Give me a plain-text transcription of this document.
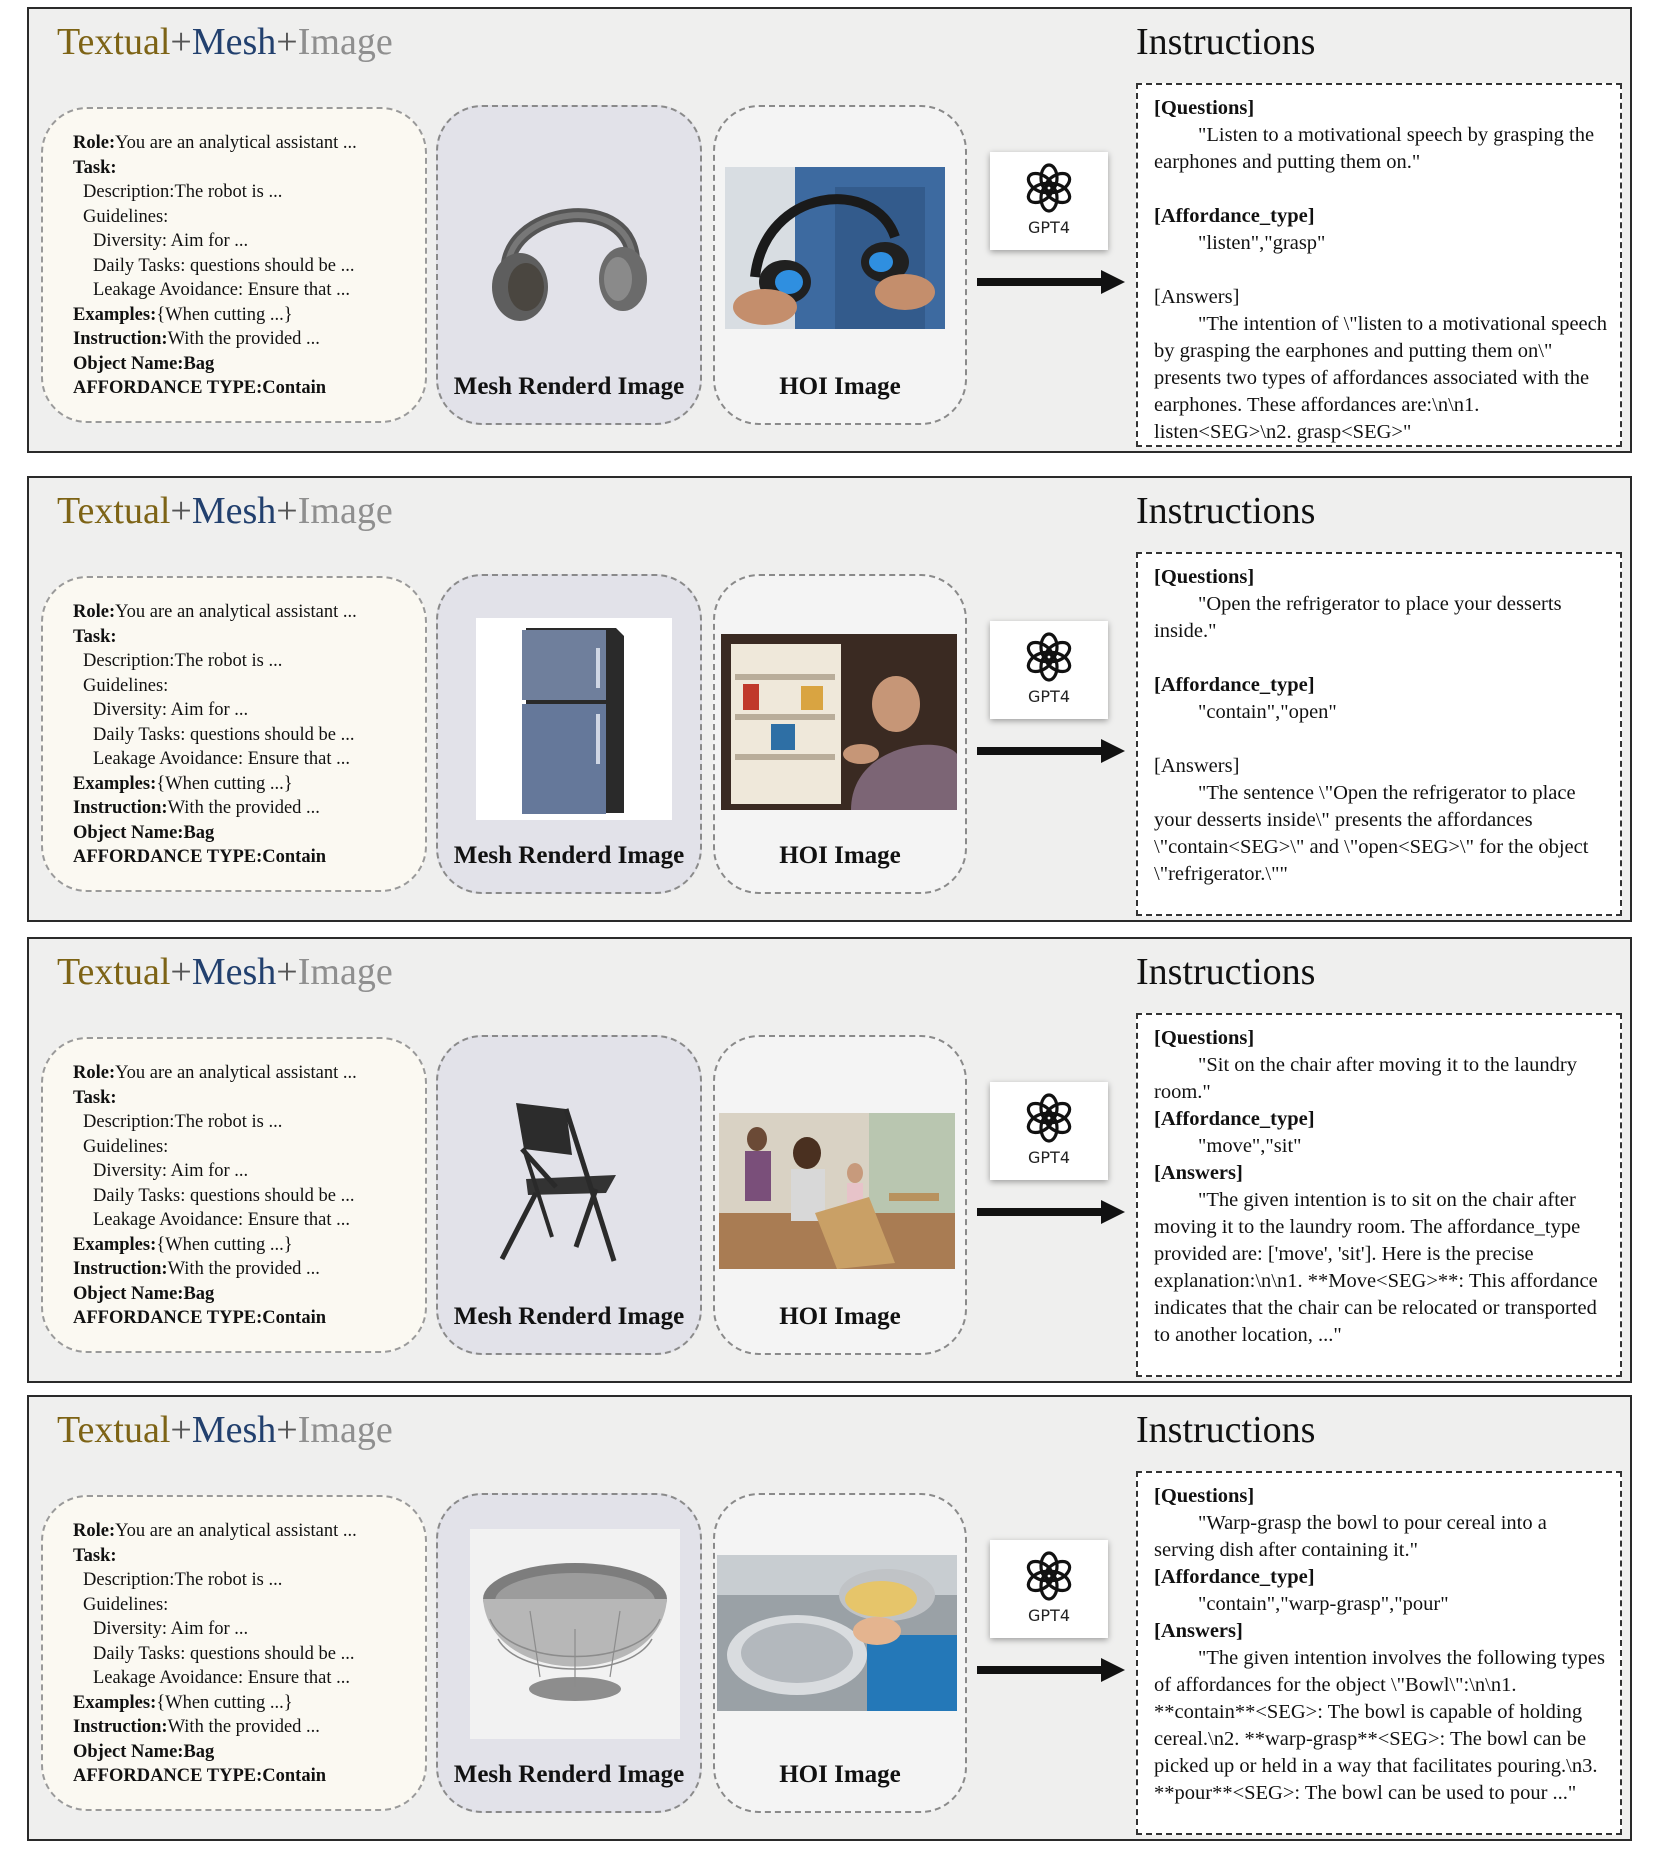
Textual+Mesh+Image	Instructions
Role:You are an analytical assistant ...
Task:
Description:The robot is ...
Guidelines:
Diversity: Aim for ...
Daily Tasks: questions should be ...
Leakage Avoidance: Ensure that ...
Examples:{When cutting ...}
Instruction:With the provided ...
Object Name:Bag
AFFORDANCE TYPE:Contain	Mesh Renderd Image	HOI Image
GPT4
[Questions]
"Listen to a motivational speech by grasping the earphones and putting them on."
[Affordance_type]
"listen","grasp"
[Answers]
"The intention of \"listen to a motivational speech by grasping the earphones and putting them on\" presents two types of affordances associated with the earphones. These affordances are:\n\n1. listen<SEG>\n2. grasp<SEG>"
Textual+Mesh+Image	Instructions
Role:You are an analytical assistant ...
Task:
Description:The robot is ...
Guidelines:
Diversity: Aim for ...
Daily Tasks: questions should be ...
Leakage Avoidance: Ensure that ...
Examples:{When cutting ...}
Instruction:With the provided ...
Object Name:Bag
AFFORDANCE TYPE:Contain	Mesh Renderd Image	HOI Image
GPT4
[Questions]
"Open the refrigerator to place your desserts inside."
[Affordance_type]
"contain","open"
[Answers]
"The sentence \"Open the refrigerator to place your desserts inside\" presents the affordances \"contain<SEG>\" and \"open<SEG>\" for the object \"refrigerator.\""
Textual+Mesh+Image	Instructions
Role:You are an analytical assistant ...
Task:
Description:The robot is ...
Guidelines:
Diversity: Aim for ...
Daily Tasks: questions should be ...
Leakage Avoidance: Ensure that ...
Examples:{When cutting ...}
Instruction:With the provided ...
Object Name:Bag
AFFORDANCE TYPE:Contain	Mesh Renderd Image	HOI Image
GPT4
[Questions]
"Sit on the chair after moving it to the laundry room."
[Affordance_type]
"move","sit"
[Answers]
"The given intention is to sit on the chair after moving it to the laundry room. The affordance_type provided are: ['move', 'sit']. Here is the precise explanation:\n\n1. **Move<SEG>**: This affordance indicates that the chair can be relocated or transported to another location, ..."
Textual+Mesh+Image	Instructions
Role:You are an analytical assistant ...
Task:
Description:The robot is ...
Guidelines:
Diversity: Aim for ...
Daily Tasks: questions should be ...
Leakage Avoidance: Ensure that ...
Examples:{When cutting ...}
Instruction:With the provided ...
Object Name:Bag
AFFORDANCE TYPE:Contain	Mesh Renderd Image	HOI Image
GPT4
[Questions]
"Warp-grasp the bowl to pour cereal into a serving dish after containing it."
[Affordance_type]
"contain","warp-grasp","pour"
[Answers]
"The given intention involves the following types of affordances for the object \"Bowl\":\n\n1. **contain**<SEG>: The bowl is capable of holding cereal.\n2. **warp-grasp**<SEG>: The bowl can be picked up or held in a way that facilitates pouring.\n3. **pour**<SEG>: The bowl can be used to pour ..."
